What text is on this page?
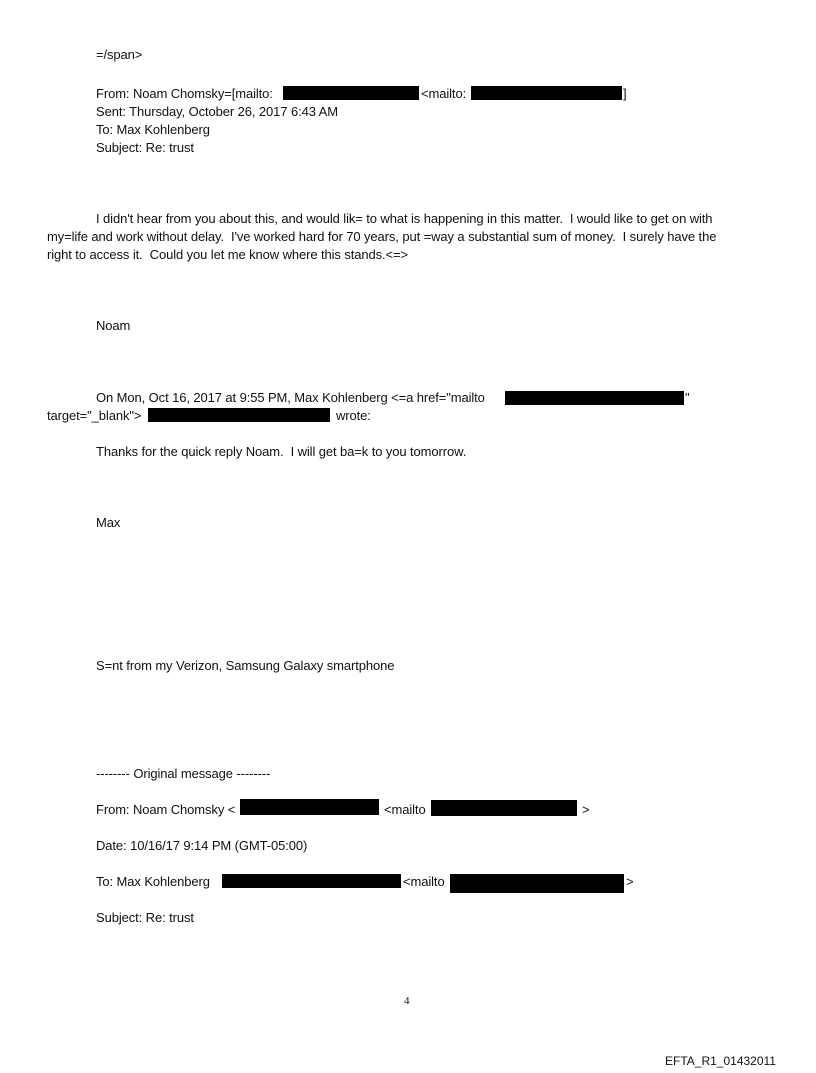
=/span>
From: Noam Chomsky=[mailto:	<mailto:	]
Sent: Thursday, October 26, 2017 6:43 AM
To: Max Kohlenberg
Subject: Re: trust
I didn't hear from you about this, and would lik= to what is happening in this matter.  I would like to get on with
my=life and work without delay.  I've worked hard for 70 years, put =way a substantial sum of money.  I surely have the
right to access it.  Could you let me know where this stands.<=>
Noam
On Mon, Oct 16, 2017 at 9:55 PM, Max Kohlenberg <=a href="mailto	"
target="_blank">	wrote:
Thanks for the quick reply Noam.  I will get ba=k to you tomorrow.
Max
S=nt from my Verizon, Samsung Galaxy smartphone
-------- Original message --------
From: Noam Chomsky <	<mailto	>
Date: 10/16/17 9:14 PM (GMT-05:00)
To: Max Kohlenberg	<mailto	>
Subject: Re: trust
4
EFTA_R1_01432011
